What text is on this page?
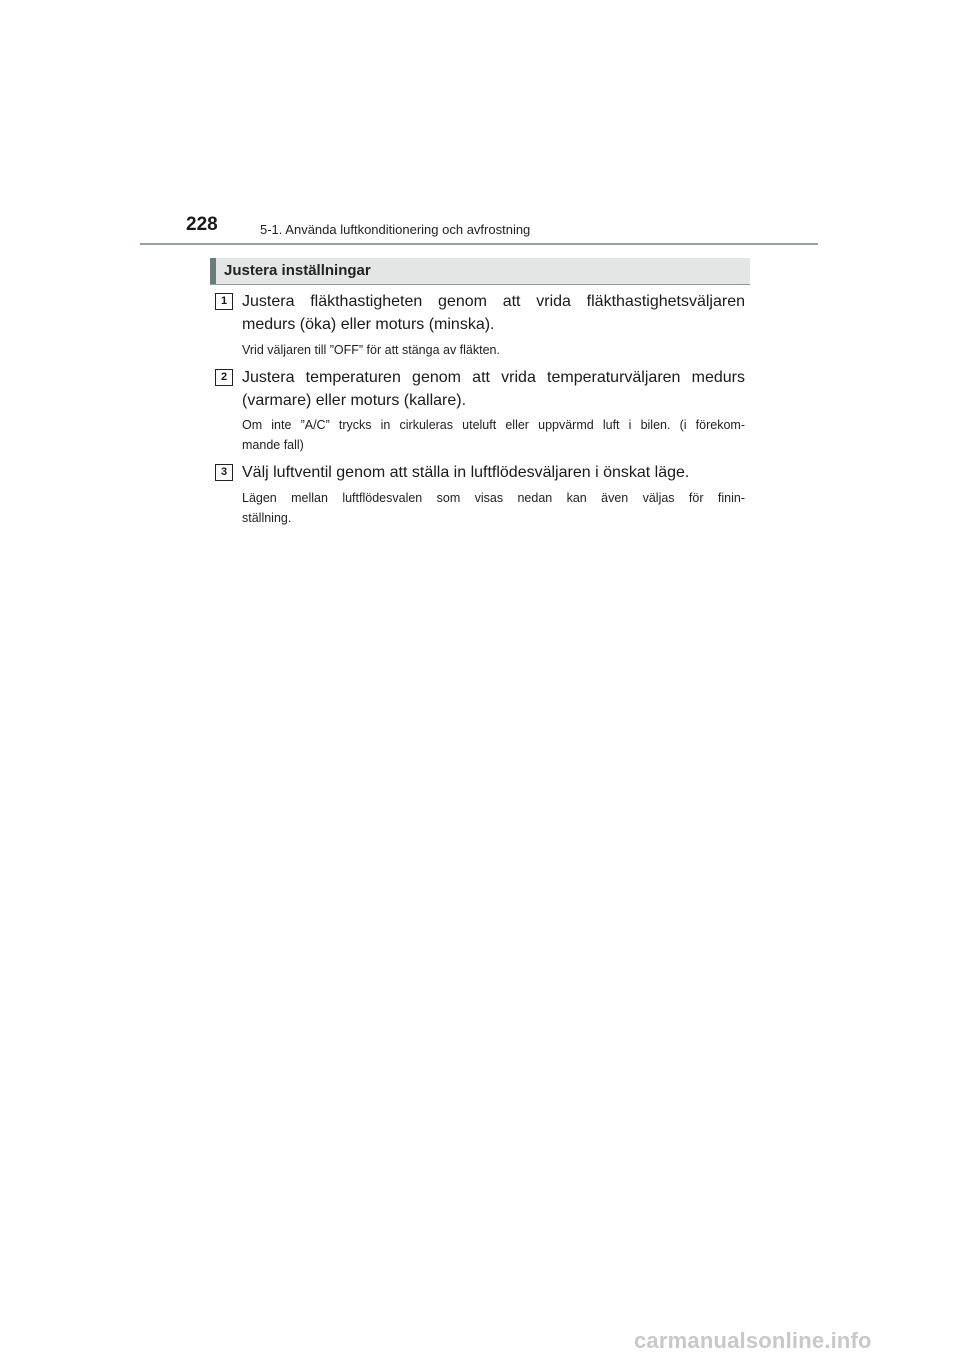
228	5-1. Använda luftkonditionering och avfrostning
Justera inställningar
1 Justera fläkthastigheten genom att vrida fläkthastighetsväljaren
medurs (öka) eller moturs (minska).
Vrid väljaren till ”OFF” för att stänga av fläkten.
2 Justera temperaturen genom att vrida temperaturväljaren medurs
(varmare) eller moturs (kallare).
Om inte ”A/C” trycks in cirkuleras uteluft eller uppvärmd luft i bilen. (i förekom-
mande fall)
3 Välj luftventil genom att ställa in luftflödesväljaren i önskat läge.
Lägen mellan luftflödesvalen som visas nedan kan även väljas för finin-
ställning.
carmanualsonline.info
